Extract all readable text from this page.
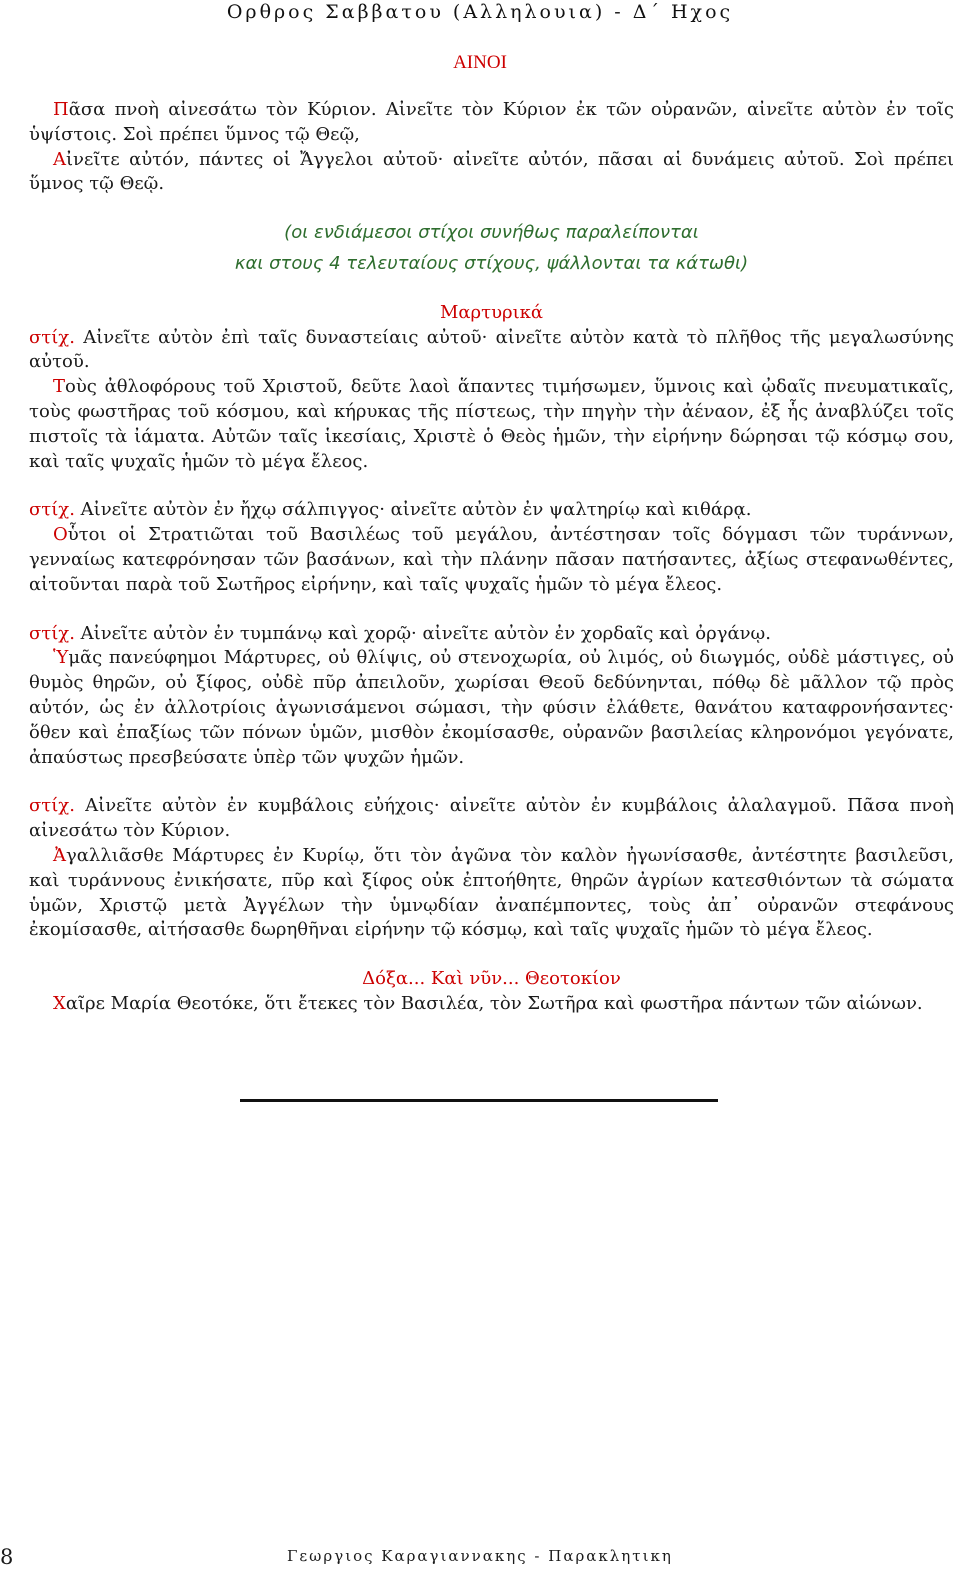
Ορθρος Σαββατου (Αλληλουια) - Δ΄ Ηχος
ΑΙΝΟΙ

Πᾶσα πνοὴ αἰνεσάτω τὸν Κύριον. Αἰνεῖτε τὸν Κύριον ἐκ τῶν οὐρανῶν, αἰνεῖτε αὐτὸν ἐν τοῖς ὑψίστοις. Σοὶ πρέπει ὕμνος τῷ Θεῷ,

Αἰνεῖτε αὐτόν, πάντες οἱ Ἄγγελοι αὐτοῦ· αἰνεῖτε αὐτόν, πᾶσαι αἱ δυνάμεις αὐτοῦ. Σοὶ πρέπει ὕμνος τῷ Θεῷ.

(οι ενδιάμεσοι στίχοι συνήθως παραλείπονται

και στους 4 τελευταίους στίχους, ψάλλονται τα κάτωθι)

Μαρτυρικά

στίχ. Αἰνεῖτε αὐτὸν ἐπὶ ταῖς δυναστείαις αὐτοῦ· αἰνεῖτε αὐτὸν κατὰ τὸ πλῆθος τῆς μεγαλωσύνης αὐτοῦ.

Τοὺς ἀθλοφόρους τοῦ Χριστοῦ, δεῦτε λαοὶ ἅπαντες τιμήσωμεν, ὕμνοις καὶ ᾠδαῖς πνευματικαῖς, τοὺς φωστῆρας τοῦ κόσμου, καὶ κήρυκας τῆς πίστεως, τὴν πηγὴν τὴν ἀέναον, ἐξ ἧς ἀναβλύζει τοῖς πιστοῖς τὰ ἰάματα. Αὐτῶν ταῖς ἱκεσίαις, Χριστὲ ὁ Θεὸς ἡμῶν, τὴν εἰρήνην δώρησαι τῷ κόσμῳ σου, καὶ ταῖς ψυχαῖς ἡμῶν τὸ μέγα ἔλεος.

στίχ. Αἰνεῖτε αὐτὸν ἐν ἤχῳ σάλπιγγος· αἰνεῖτε αὐτὸν ἐν ψαλτηρίῳ καὶ κιθάρᾳ.

Οὗτοι οἱ Στρατιῶται τοῦ Βασιλέως τοῦ μεγάλου, ἀντέστησαν τοῖς δόγμασι τῶν τυράννων, γενναίως κατεφρόνησαν τῶν βασάνων, καὶ τὴν πλάνην πᾶσαν πατήσαντες, ἀξίως στεφανωθέντες, αἰτοῦνται παρὰ τοῦ Σωτῆρος εἰρήνην, καὶ ταῖς ψυχαῖς ἡμῶν τὸ μέγα ἔλεος.

στίχ. Αἰνεῖτε αὐτὸν ἐν τυμπάνῳ καὶ χορῷ· αἰνεῖτε αὐτὸν ἐν χορδαῖς καὶ ὀργάνῳ.

Ὑμᾶς πανεύφημοι Μάρτυρες, οὐ θλίψις, οὐ στενοχωρία, οὐ λιμός, οὐ διωγμός, οὐδὲ μάστιγες, οὐ θυμὸς θηρῶν, οὐ ξίφος, οὐδὲ πῦρ ἀπειλοῦν, χωρίσαι Θεοῦ δεδύνηνται, πόθῳ δὲ μᾶλλον τῷ πρὸς αὐτόν, ὡς ἐν ἀλλοτρίοις ἀγωνισάμενοι σώμασι, τὴν φύσιν ἐλάθετε, θανάτου καταφρονήσαντες· ὅθεν καὶ ἐπαξίως τῶν πόνων ὑμῶν, μισθὸν ἐκομίσασθε, οὐρανῶν βασιλείας κληρονόμοι γεγόνατε, ἀπαύστως πρεσβεύσατε ὑπὲρ τῶν ψυχῶν ἡμῶν.

στίχ. Αἰνεῖτε αὐτὸν ἐν κυμβάλοις εὐήχοις· αἰνεῖτε αὐτὸν ἐν κυμβάλοις ἀλαλαγμοῦ. Πᾶσα πνοὴ αἰνεσάτω τὸν Κύριον.

Ἀγαλλιᾶσθε Μάρτυρες ἐν Κυρίῳ, ὅτι τὸν ἀγῶνα τὸν καλὸν ἠγωνίσασθε, ἀντέστητε βασιλεῦσι, καὶ τυράννους ἐνικήσατε, πῦρ καὶ ξίφος οὐκ ἐπτοήθητε, θηρῶν ἀγρίων κατεσθιόντων τὰ σώματα ὑμῶν, Χριστῷ μετὰ Ἀγγέλων τὴν ὑμνῳδίαν ἀναπέμποντες, τοὺς ἀπ᾿ οὐρανῶν στεφάνους ἐκομίσασθε, αἰτήσασθε δωρηθῆναι εἰρήνην τῷ κόσμῳ, καὶ ταῖς ψυχαῖς ἡμῶν τὸ μέγα ἔλεος.

Δόξα... Καὶ νῦν... Θεοτοκίον

Χαῖρε Μαρία Θεοτόκε, ὅτι ἔτεκες τὸν Βασιλέα, τὸν Σωτῆρα καὶ φωστῆρα πάντων τῶν αἰώνων.

8	Γεωργιος Καραγιαννακης - Παρακλητικη
